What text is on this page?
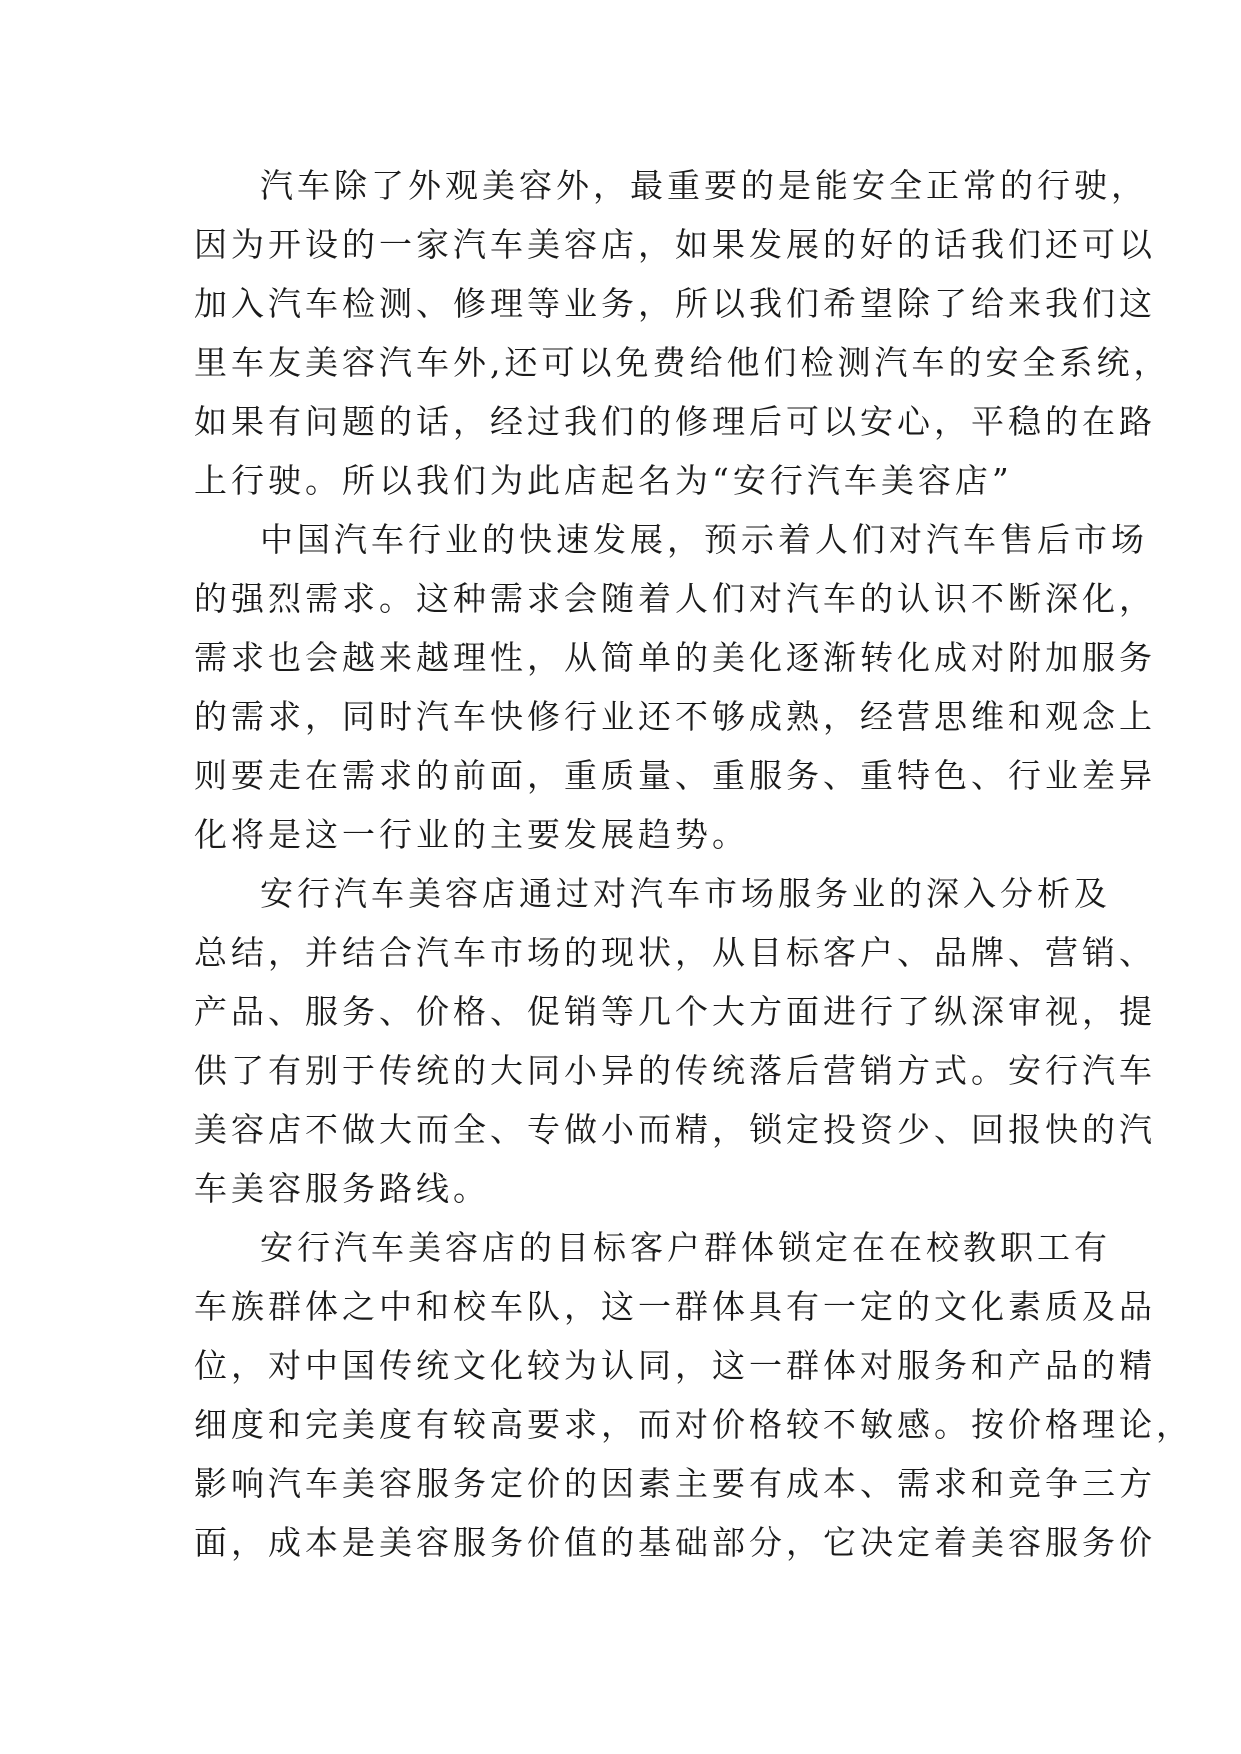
汽车除了外观美容外，最重要的是能安全正常的行驶，
因为开设的一家汽车美容店，如果发展的好的话我们还可以
加入汽车检测、修理等业务，所以我们希望除了给来我们这
里车友美容汽车外,还可以免费给他们检测汽车的安全系统，
如果有问题的话，经过我们的修理后可以安心，平稳的在路
上行驶。所以我们为此店起名为“安行汽车美容店”
中国汽车行业的快速发展，预示着人们对汽车售后市场
的强烈需求。这种需求会随着人们对汽车的认识不断深化，
需求也会越来越理性，从简单的美化逐渐转化成对附加服务
的需求，同时汽车快修行业还不够成熟，经营思维和观念上
则要走在需求的前面，重质量、重服务、重特色、行业差异
化将是这一行业的主要发展趋势。
安行汽车美容店通过对汽车市场服务业的深入分析及
总结，并结合汽车市场的现状，从目标客户、品牌、营销、
产品、服务、价格、促销等几个大方面进行了纵深审视，提
供了有别于传统的大同小异的传统落后营销方式。安行汽车
美容店不做大而全、专做小而精，锁定投资少、回报快的汽
车美容服务路线。
安行汽车美容店的目标客户群体锁定在在校教职工有
车族群体之中和校车队，这一群体具有一定的文化素质及品
位，对中国传统文化较为认同，这一群体对服务和产品的精
细度和完美度有较高要求，而对价格较不敏感。按价格理论，
影响汽车美容服务定价的因素主要有成本、需求和竞争三方
面，成本是美容服务价值的基础部分，它决定着美容服务价
